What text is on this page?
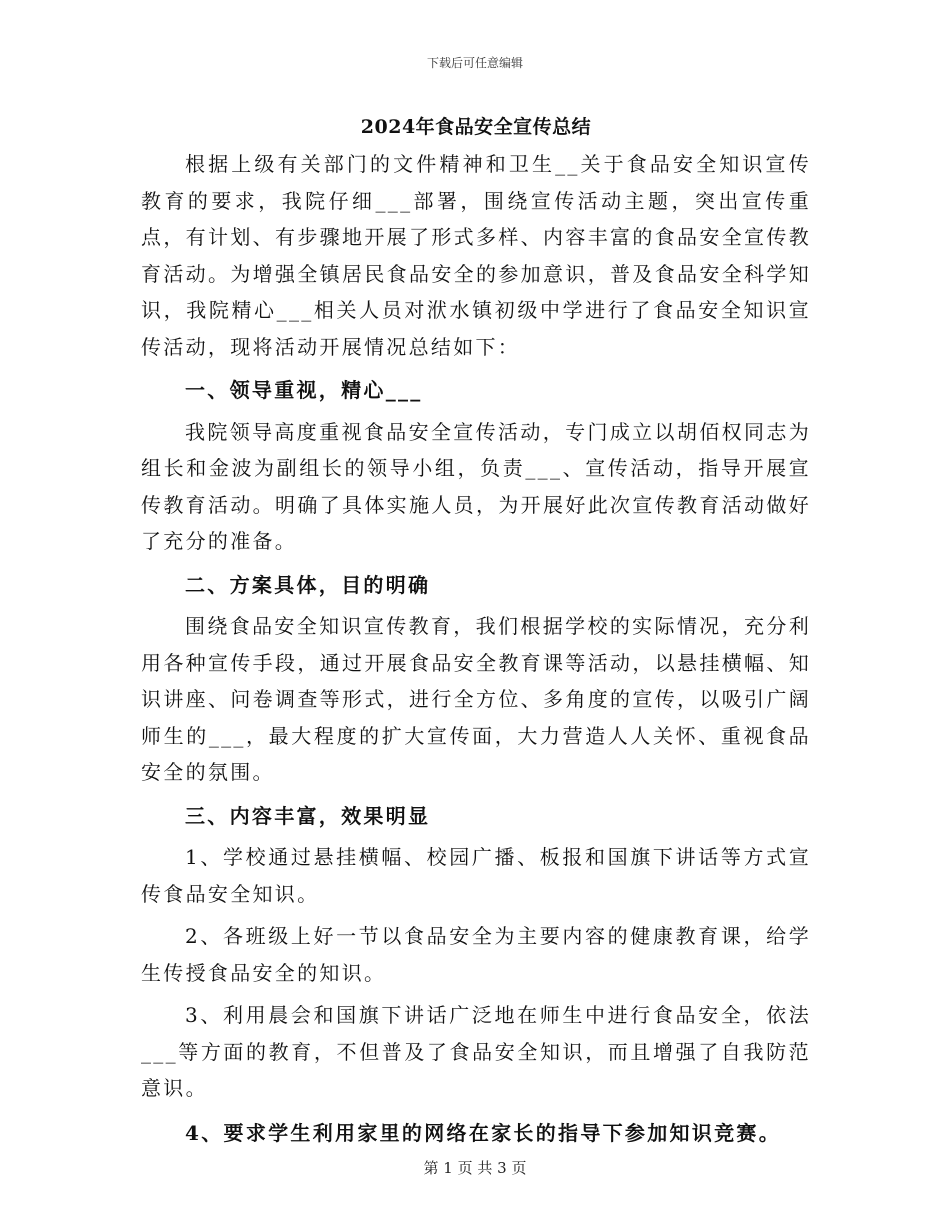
下载后可任意编辑
2024年食品安全宣传总结

根据上级有关部门的文件精神和卫生__关于食品安全知识宣传教育的要求，我院仔细___部署，围绕宣传活动主题，突出宣传重点，有计划、有步骤地开展了形式多样、内容丰富的食品安全宣传教育活动。为增强全镇居民食品安全的参加意识，普及食品安全科学知识，我院精心___相关人员对洑水镇初级中学进行了食品安全知识宣传活动，现将活动开展情况总结如下：

一、领导重视，精心___

我院领导高度重视食品安全宣传活动，专门成立以胡佰权同志为组长和金波为副组长的领导小组，负责___、宣传活动，指导开展宣传教育活动。明确了具体实施人员，为开展好此次宣传教育活动做好了充分的准备。

二、方案具体，目的明确

围绕食品安全知识宣传教育，我们根据学校的实际情况，充分利用各种宣传手段，通过开展食品安全教育课等活动，以悬挂横幅、知识讲座、问卷调查等形式，进行全方位、多角度的宣传，以吸引广阔师生的___，最大程度的扩大宣传面，大力营造人人关怀、重视食品安全的氛围。

三、内容丰富，效果明显

1、学校通过悬挂横幅、校园广播、板报和国旗下讲话等方式宣传食品安全知识。

2、各班级上好一节以食品安全为主要内容的健康教育课，给学生传授食品安全的知识。

3、利用晨会和国旗下讲话广泛地在师生中进行食品安全，依法___等方面的教育，不但普及了食品安全知识，而且增强了自我防范意识。

4、要求学生利用家里的网络在家长的指导下参加知识竞赛。

第 1 页 共 3 页
